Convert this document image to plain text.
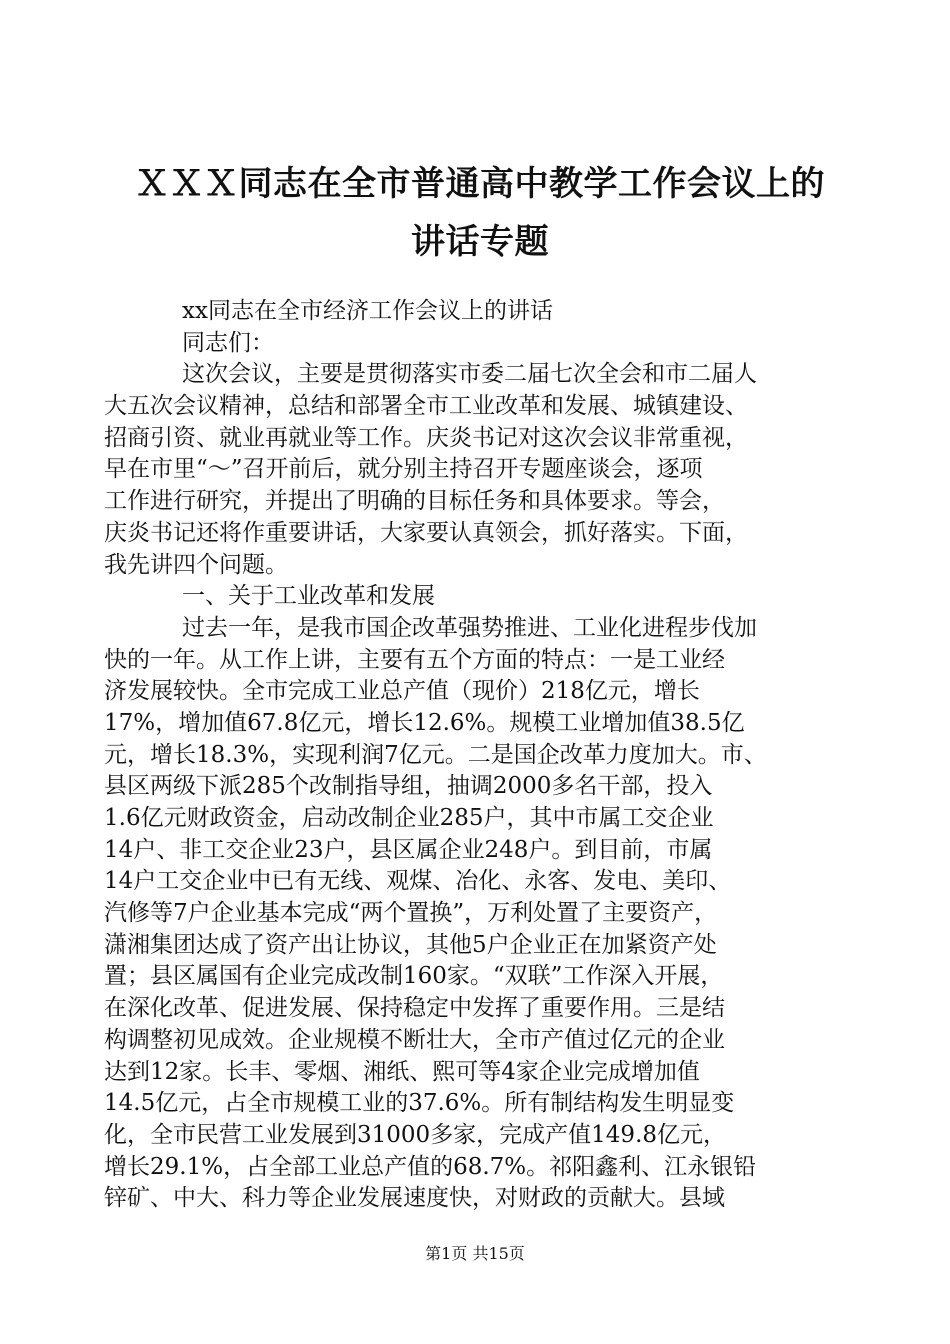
ＸＸＸ同志在全市普通高中教学工作会议上的
讲话专题
xx同志在全市经济工作会议上的讲话
同志们：
这次会议，主要是贯彻落实市委二届七次全会和市二届人
大五次会议精神，总结和部署全市工业改革和发展、城镇建设、
招商引资、就业再就业等工作。庆炎书记对这次会议非常重视，
早在市里“～”召开前后，就分别主持召开专题座谈会，逐项
工作进行研究，并提出了明确的目标任务和具体要求。等会，
庆炎书记还将作重要讲话，大家要认真领会，抓好落实。下面，
我先讲四个问题。
一、关于工业改革和发展
过去一年，是我市国企改革强势推进、工业化进程步伐加
快的一年。从工作上讲，主要有五个方面的特点：一是工业经
济发展较快。全市完成工业总产值（现价）218亿元，增长
17%，增加值67.8亿元，增长12.6%。规模工业增加值38.5亿
元，增长18.3%，实现利润7亿元。二是国企改革力度加大。市、
县区两级下派285个改制指导组，抽调2000多名干部，投入
1.6亿元财政资金，启动改制企业285户，其中市属工交企业
14户、非工交企业23户，县区属企业248户。到目前，市属
14户工交企业中已有无线、观煤、冶化、永客、发电、美印、
汽修等7户企业基本完成“两个置换”，万利处置了主要资产，
潇湘集团达成了资产出让协议，其他5户企业正在加紧资产处
置；县区属国有企业完成改制160家。“双联”工作深入开展，
在深化改革、促进发展、保持稳定中发挥了重要作用。三是结
构调整初见成效。企业规模不断壮大，全市产值过亿元的企业
达到12家。长丰、零烟、湘纸、熙可等4家企业完成增加值
14.5亿元，占全市规模工业的37.6%。所有制结构发生明显变
化，全市民营工业发展到31000多家，完成产值149.8亿元，
增长29.1%，占全部工业总产值的68.7%。祁阳鑫利、江永银铅
锌矿、中大、科力等企业发展速度快，对财政的贡献大。县域
第1页 共15页
